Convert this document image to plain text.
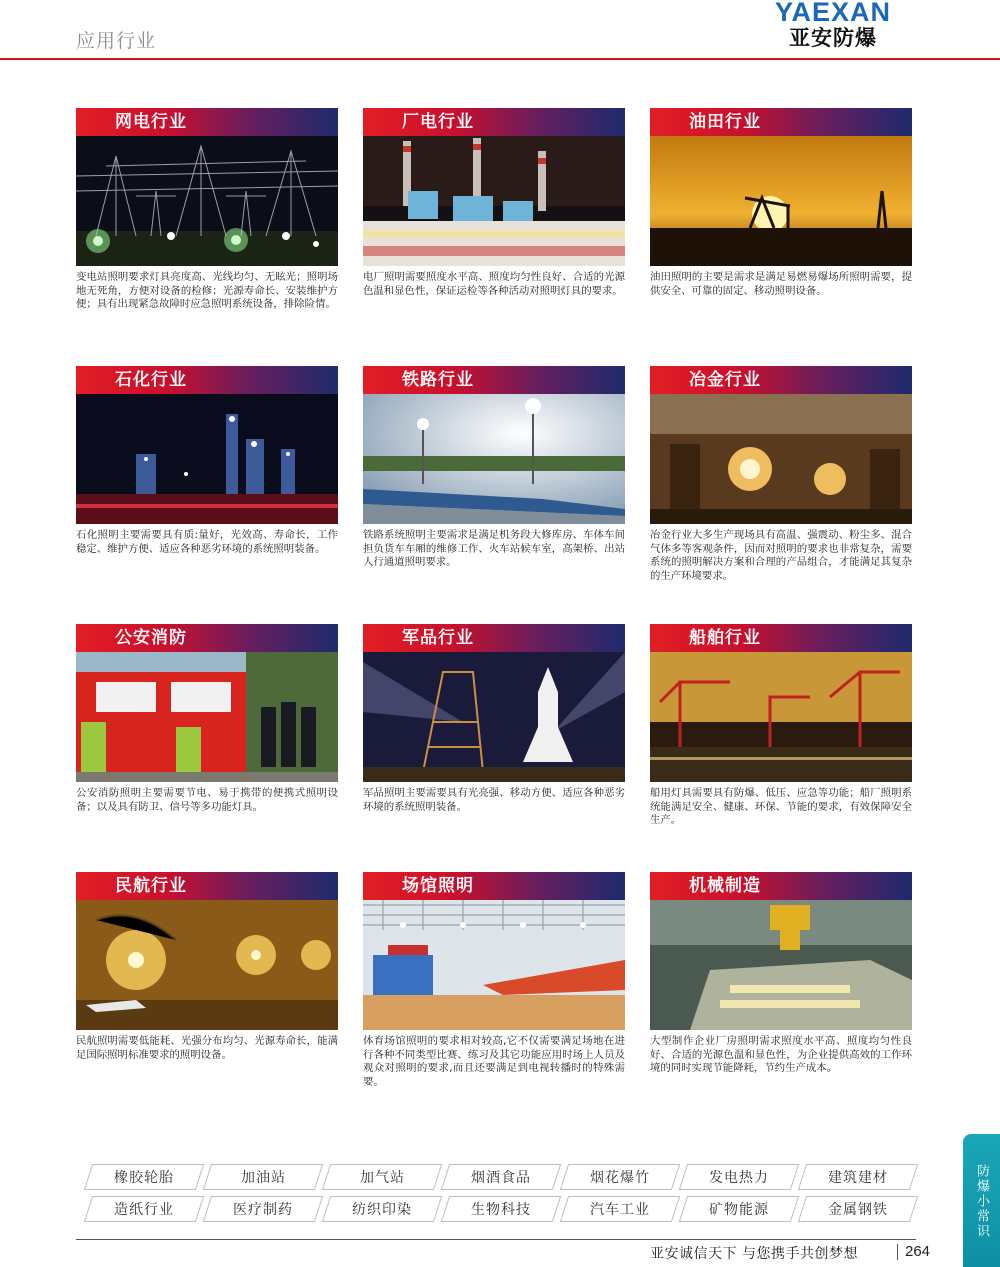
应用行业
YAEXAN
亚安防爆
网电行业
变电站照明要求灯具亮度高、光线均匀、无眩光；照明场地无死角，方便对设备的检修；光源寿命长、安装维护方便；具有出现紧急故障时应急照明系统设备，排除险情。
厂电行业
电厂照明需要照度水平高、照度均匀性良好、合适的光源色温和显色性，保证运检等各种活动对照明灯具的要求。
油田行业
油田照明的主要是需求是满足易燃易爆场所照明需要，提供安全、可靠的固定、移动照明设备。
石化行业
石化照明主要需要具有质:量好，光效高、寿命长，工作稳定、维护方便、适应各种恶劣环境的系统照明装备。
铁路行业
铁路系统照明主要需求是满足机务段大修库房、车体车间担负货车车厢的维修工作、火车站候车室，高架桥、出站人行通道照明要求。
冶金行业
冶金行业大多生产现场具有高温、强震动、粉尘多、混合气体多等客观条件，因而对照明的要求也非常复杂，需要系统的照明解决方案和合理的产品组合，才能满足其复杂的生产环境要求。
公安消防
公安消防照明主要需要节电、易于携带的便携式照明设备；以及具有防卫、信号等多功能灯具。
军品行业
军品照明主要需要具有光亮强、移动方便、适应各种恶劣环境的系统照明装备。
船舶行业
船用灯具需要具有防爆、低压、应急等功能；船厂照明系统能满足安全、健康、环保、节能的要求，有效保障安全生产。
民航行业
民航照明需要低能耗、光强分布均匀、光源寿命长，能满足国际照明标准要求的照明设备。
场馆照明
体育场馆照明的要求相对较高,它不仅需要满足场地在进行各种不同类型比赛、练习及其它功能应用时场上人员及观众对照明的要求,而且还要满足到电视转播时的特殊需要。
机械制造
大型制作企业厂房照明需求照度水平高、照度均匀性良好、合适的光源色温和显色性，为企业提供高效的工作环境的同时实现节能降耗，节约生产成本。
橡胶轮胎	加油站	加气站	烟酒食品	烟花爆竹	发电热力	建筑建材
造纸行业	医疗制药	纺织印染	生物科技	汽车工业	矿物能源	金属钢铁
亚安诚信天下 与您携手共创梦想	264
防爆小常识
